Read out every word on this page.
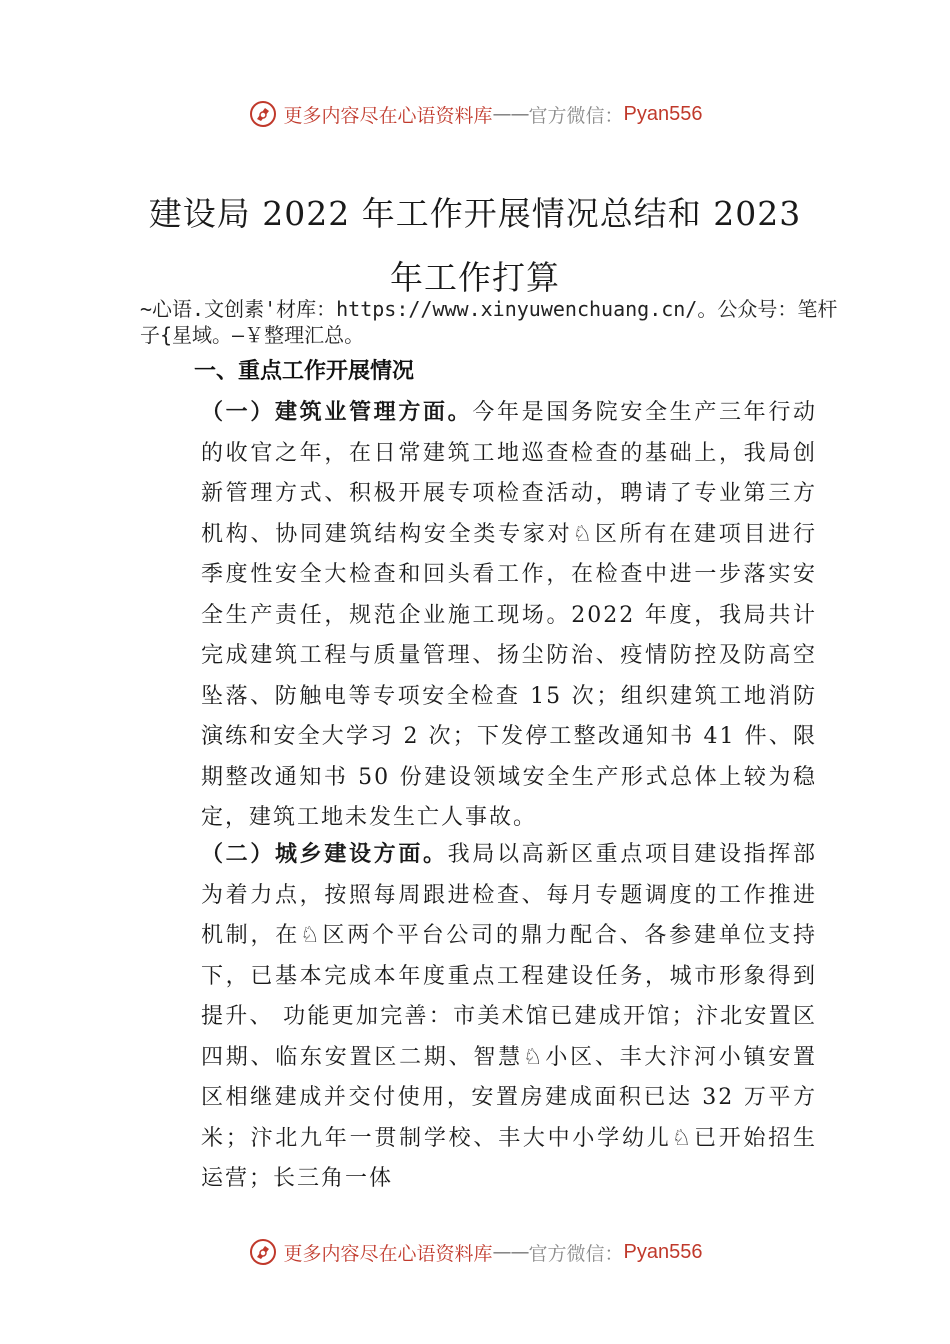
更多内容尽在心语资料库 —— 官方微信： Pyan556
建设局 2022 年工作开展情况总结和 2023
年工作打算
~心语.文创素'材库：https://www.xinyuwenchuang.cn/。公众号：笔杆子{星域。—￥整理汇总。
一、重点工作开展情况
（一）建筑业管理方面。今年是国务院安全生产三年行动的收官之年，在日常建筑工地巡查检查的基础上，我局创新管理方式、积极开展专项检查活动，聘请了专业第三方机构、协同建筑结构安全类专家对♘区所有在建项目进行季度性安全大检查和回头看工作，在检查中进一步落实安全生产责任，规范企业施工现场。2022 年度，我局共计完成建筑工程与质量管理、扬尘防治、疫情防控及防高空坠落、防触电等专项安全检查 15 次；组织建筑工地消防演练和安全大学习 2 次；下发停工整改通知书 41 件、限期整改通知书 50 份建设领域安全生产形式总体上较为稳定，建筑工地未发生亡人事故。
（二）城乡建设方面。我局以高新区重点项目建设指挥部为着力点，按照每周跟进检查、每月专题调度的工作推进机制，在♘区两个平台公司的鼎力配合、各参建单位支持下，已基本完成本年度重点工程建设任务，城市形象得到提升、 功能更加完善：市美术馆已建成开馆；汴北安置区四期、临东安置区二期、智慧♘小区、丰大汴河小镇安置区相继建成并交付使用，安置房建成面积已达 32 万平方米；汴北九年一贯制学校、丰大中小学幼儿♘已开始招生运营；长三角一体
更多内容尽在心语资料库 —— 官方微信： Pyan556
